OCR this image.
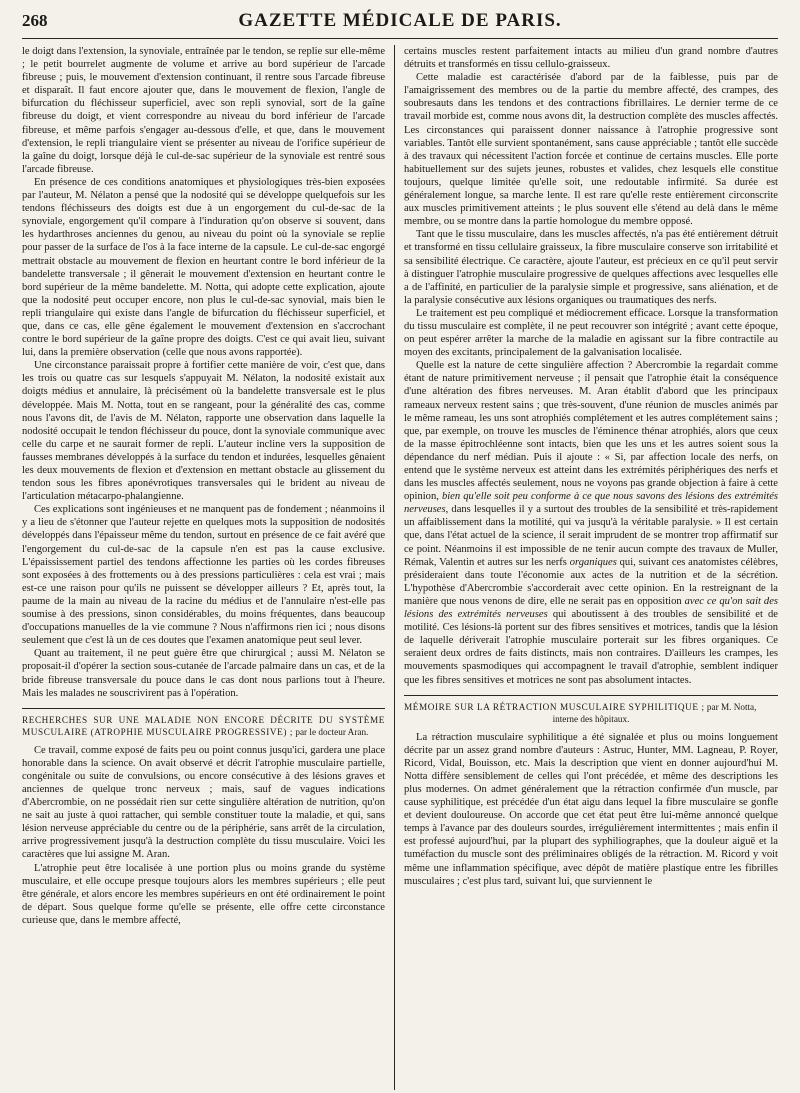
268	GAZETTE MÉDICALE DE PARIS.

le doigt dans l'extension, la synoviale, entraînée par le tendon, se replie sur elle-même ; le petit bourrelet augmente de volume et arrive au bord supérieur de l'arcade fibreuse ; puis, le mouvement d'extension continuant, il rentre sous l'arcade fibreuse et disparaît. Il faut encore ajouter que, dans le mouvement de flexion, l'angle de bifurcation du fléchisseur superficiel, avec son repli synovial, sort de la gaîne fibreuse du doigt, et vient correspondre au niveau du bord inférieur de l'arcade fibreuse, et même parfois s'engager au-dessous d'elle, et que, dans le mouvement d'extension, le repli triangulaire vient se présenter au niveau de l'orifice supérieur de la gaîne du doigt, lorsque déjà le cul-de-sac supérieur de la synoviale est rentré sous l'arcade fibreuse.

En présence de ces conditions anatomiques et physiologiques très-bien exposées par l'auteur, M. Nélaton a pensé que la nodosité qui se développe quelquefois sur les tendons fléchisseurs des doigts est due à un engorgement du cul-de-sac de la synoviale, engorgement qu'il compare à l'induration qu'on observe si souvent, dans les hydarthroses anciennes du genou, au niveau du point où la synoviale se replie pour passer de la surface de l'os à la face interne de la capsule. Le cul-de-sac engorgé mettrait obstacle au mouvement de flexion en heurtant contre le bord inférieur de la bandelette transversale ; il gênerait le mouvement d'extension en heurtant contre le bord supérieur de la même bandelette. M. Notta, qui adopte cette explication, ajoute que la nodosité peut occuper encore, non plus le cul-de-sac synovial, mais bien le repli triangulaire qui existe dans l'angle de bifurcation du fléchisseur superficiel, et que, dans ce cas, elle gêne également le mouvement d'extension en s'accrochant contre le bord supérieur de la gaîne propre des doigts. C'est ce qui avait lieu, suivant lui, dans la première observation (celle que nous avons rapportée).

Une circonstance paraissait propre à fortifier cette manière de voir, c'est que, dans les trois ou quatre cas sur lesquels s'appuyait M. Nélaton, la nodosité existait aux doigts médius et annulaire, là précisément où la bandelette transversale est le plus développée. Mais M. Notta, tout en se rangeant, pour la généralité des cas, comme nous l'avons dit, de l'avis de M. Nélaton, rapporte une observation dans laquelle la nodosité occupait le tendon fléchisseur du pouce, dont la synoviale communique avec celle du carpe et ne saurait former de repli. L'auteur incline vers la supposition de fausses membranes développés à la surface du tendon et indurées, lesquelles gênaient les deux mouvements de flexion et d'extension en mettant obstacle au glissement du tendon sous les fibres aponévrotiques transversales qui le brident au niveau de l'articulation métacarpo-phalangienne.

Ces explications sont ingénieuses et ne manquent pas de fondement ; néanmoins il y a lieu de s'étonner que l'auteur rejette en quelques mots la supposition de nodosités développés dans l'épaisseur même du tendon, surtout en présence de ce fait avéré que l'engorgement du cul-de-sac de la capsule n'en est pas la cause exclusive. L'épaississement partiel des tendons affectionne les parties où les cordes fibreuses sont exposées à des frottements ou à des pressions particulières : cela est vrai ; mais est-ce une raison pour qu'ils ne puissent se développer ailleurs ? Et, après tout, la paume de la main au niveau de la racine du médius et de l'annulaire n'est-elle pas soumise à des pressions, sinon considérables, du moins fréquentes, dans beaucoup d'occupations manuelles de la vie commune ? Nous n'affirmons rien ici ; nous disons seulement que c'est là un de ces doutes que l'examen anatomique peut seul lever.

Quant au traitement, il ne peut guère être que chirurgical ; aussi M. Nélaton se proposait-il d'opérer la section sous-cutanée de l'arcade palmaire dans un cas, et de la bride fibreuse transversale du pouce dans le cas dont nous parlions tout à l'heure. Mais les malades ne souscrivirent pas à l'opération.

RECHERCHES SUR UNE MALADIE NON ENCORE DÉCRITE DU SYSTÈME MUSCULAIRE (ATROPHIE MUSCULAIRE PROGRESSIVE) ; par le docteur Aran.

Ce travail, comme exposé de faits peu ou point connus jusqu'ici, gardera une place honorable dans la science. On avait observé et décrit l'atrophie musculaire partielle, congénitale ou suite de convulsions, ou encore consécutive à des lésions graves et anciennes de quelque tronc nerveux ; mais, sauf de vagues indications d'Abercrombie, on ne possédait rien sur cette singulière altération de nutrition, qu'on ne sait au juste à quoi rattacher, qui semble constituer toute la maladie, et qui, sans lésion nerveuse appréciable du centre ou de la périphérie, sans arrêt de la circulation, arrive progressivement jusqu'à la destruction complète du tissu musculaire. Voici les caractères que lui assigne M. Aran.

L'atrophie peut être localisée à une portion plus ou moins grande du système musculaire, et elle occupe presque toujours alors les membres supérieurs ; elle peut être générale, et alors encore les membres supérieurs en ont été ordinairement le point de départ. Sous quelque forme qu'elle se présente, elle offre cette circonstance curieuse que, dans le membre affecté,

certains muscles restent parfaitement intacts au milieu d'un grand nombre d'autres détruits et transformés en tissu cellulo-graisseux.

Cette maladie est caractérisée d'abord par de la faiblesse, puis par de l'amaigrissement des membres ou de la partie du membre affecté, des crampes, des soubresauts dans les tendons et des contractions fibrillaires. Le dernier terme de ce travail morbide est, comme nous avons dit, la destruction complète des muscles affectés. Les circonstances qui paraissent donner naissance à l'atrophie progressive sont variables. Tantôt elle survient spontanément, sans cause appréciable ; tantôt elle succède à des travaux qui nécessitent l'action forcée et continue de certains muscles. Elle porte habituellement sur des sujets jeunes, robustes et valides, chez lesquels elle constitue toujours, quelque limitée qu'elle soit, une redoutable infirmité. Sa durée est généralement longue, sa marche lente. Il est rare qu'elle reste entièrement circonscrite aux muscles primitivement atteints ; le plus souvent elle s'étend au delà dans le même membre, ou se montre dans la partie homologue du membre opposé.

Tant que le tissu musculaire, dans les muscles affectés, n'a pas été entièrement détruit et transformé en tissu cellulaire graisseux, la fibre musculaire conserve son irritabilité et sa sensibilité électrique. Ce caractère, ajoute l'auteur, est précieux en ce qu'il peut servir à distinguer l'atrophie musculaire progressive de quelques affections avec lesquelles elle a de l'affinité, en particulier de la paralysie simple et progressive, sans aliénation, et de la paralysie consécutive aux lésions organiques ou traumatiques des nerfs.

Le traitement est peu compliqué et médiocrement efficace. Lorsque la transformation du tissu musculaire est complète, il ne peut recouvrer son intégrité ; avant cette époque, on peut espérer arrêter la marche de la maladie en agissant sur la fibre contractile au moyen des excitants, principalement de la galvanisation localisée.

Quelle est la nature de cette singulière affection ? Abercrombie la regardait comme étant de nature primitivement nerveuse ; il pensait que l'atrophie était la conséquence d'une altération des fibres nerveuses. M. Aran établit d'abord que les principaux rameaux nerveux restent sains ; que très-souvent, d'une réunion de muscles animés par le même rameau, les uns sont atrophiés complétement et les autres complétement sains ; que, par exemple, on trouve les muscles de l'éminence thénar atrophiés, alors que ceux de la masse épitrochléenne sont intacts, bien que les uns et les autres soient sous la dépendance du nerf médian. Puis il ajoute : « Si, par affection locale des nerfs, on entend que le système nerveux est atteint dans les extrémités périphériques des nerfs et dans les muscles affectés seulement, nous ne voyons pas grande objection à faire à cette opinion, bien qu'elle soit peu conforme à ce que nous savons des lésions des extrémités nerveuses, dans lesquelles il y a surtout des troubles de la sensibilité et très-rapidement un affaiblissement dans la motilité, qui va jusqu'à la véritable paralysie. » Il est certain que, dans l'état actuel de la science, il serait imprudent de se montrer trop affirmatif sur ce point. Néanmoins il est impossible de ne tenir aucun compte des travaux de Muller, Rémak, Valentin et autres sur les nerfs organiques qui, suivant ces anatomistes célèbres, présideraient dans toute l'économie aux actes de la nutrition et de la sécrétion. L'hypothèse d'Abercrombie s'accorderait avec cette opinion. En la restreignant de la manière que nous venons de dire, elle ne serait pas en opposition avec ce qu'on sait des lésions des extrémités nerveuses qui aboutissent à des troubles de sensibilité et de motilité. Ces lésions-là portent sur des fibres sensitives et motrices, tandis que la lésion de laquelle dériverait l'atrophie musculaire porterait sur les fibres organiques. Ce seraient deux ordres de faits distincts, mais non contraires. D'ailleurs les crampes, les mouvements spasmodiques qui accompagnent le travail d'atrophie, semblent indiquer que les fibres sensitives et motrices ne sont pas absolument intactes.

MÉMOIRE SUR LA RÉTRACTION MUSCULAIRE SYPHILITIQUE ; par M. Notta,
interne des hôpitaux.

La rétraction musculaire syphilitique a été signalée et plus ou moins longuement décrite par un assez grand nombre d'auteurs : Astruc, Hunter, MM. Lagneau, P. Royer, Ricord, Vidal, Bouisson, etc. Mais la description que vient en donner aujourd'hui M. Notta diffère sensiblement de celles qui l'ont précédée, et même des descriptions les plus modernes. On admet généralement que la rétraction confirmée d'un muscle, par cause syphilitique, est précédée d'un état aigu dans lequel la fibre musculaire se gonfle et devient douloureuse. On accorde que cet état peut être lui-même annoncé quelque temps à l'avance par des douleurs sourdes, irrégulièrement intermittentes ; mais enfin il est professé aujourd'hui, par la plupart des syphiliographes, que la douleur aiguë et la tuméfaction du muscle sont des préliminaires obligés de la rétraction. M. Ricord y voit même une inflammation spécifique, avec dépôt de matière plastique entre les fibrilles musculaires ; c'est plus tard, suivant lui, que surviennent le
